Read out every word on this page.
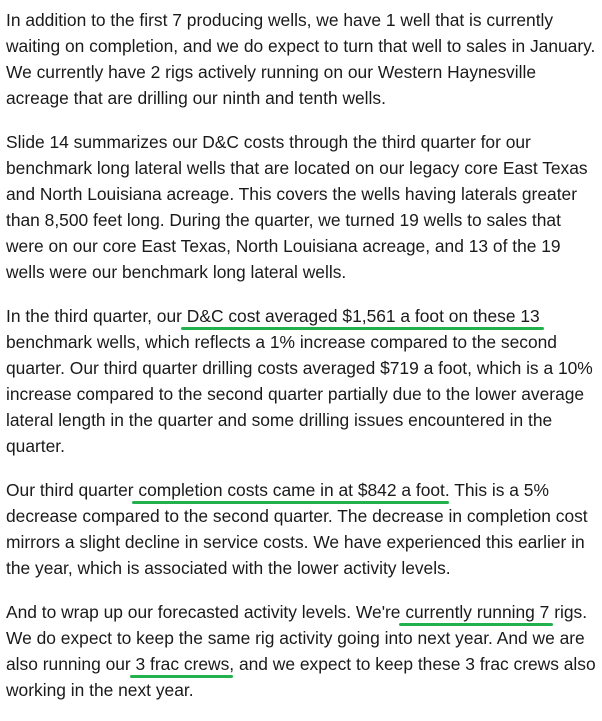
In addition to the first 7 producing wells, we have 1 well that is currently waiting on completion, and we do expect to turn that well to sales in January. We currently have 2 rigs actively running on our Western Haynesville acreage that are drilling our ninth and tenth wells.

Slide 14 summarizes our D&C costs through the third quarter for our benchmark long lateral wells that are located on our legacy core East Texas and North Louisiana acreage. This covers the wells having laterals greater than 8,500 feet long. During the quarter, we turned 19 wells to sales that were on our core East Texas, North Louisiana acreage, and 13 of the 19 wells were our benchmark long lateral wells.

In the third quarter, our D&C cost averaged $1,561 a foot on these 13 benchmark wells, which reflects a 1% increase compared to the second quarter. Our third quarter drilling costs averaged $719 a foot, which is a 10% increase compared to the second quarter partially due to the lower average lateral length in the quarter and some drilling issues encountered in the quarter.

Our third quarter completion costs came in at $842 a foot. This is a 5% decrease compared to the second quarter. The decrease in completion cost mirrors a slight decline in service costs. We have experienced this earlier in the year, which is associated with the lower activity levels.

And to wrap up our forecasted activity levels. We're currently running 7 rigs. We do expect to keep the same rig activity going into next year. And we are also running our 3 frac crews, and we expect to keep these 3 frac crews also working in the next year.
